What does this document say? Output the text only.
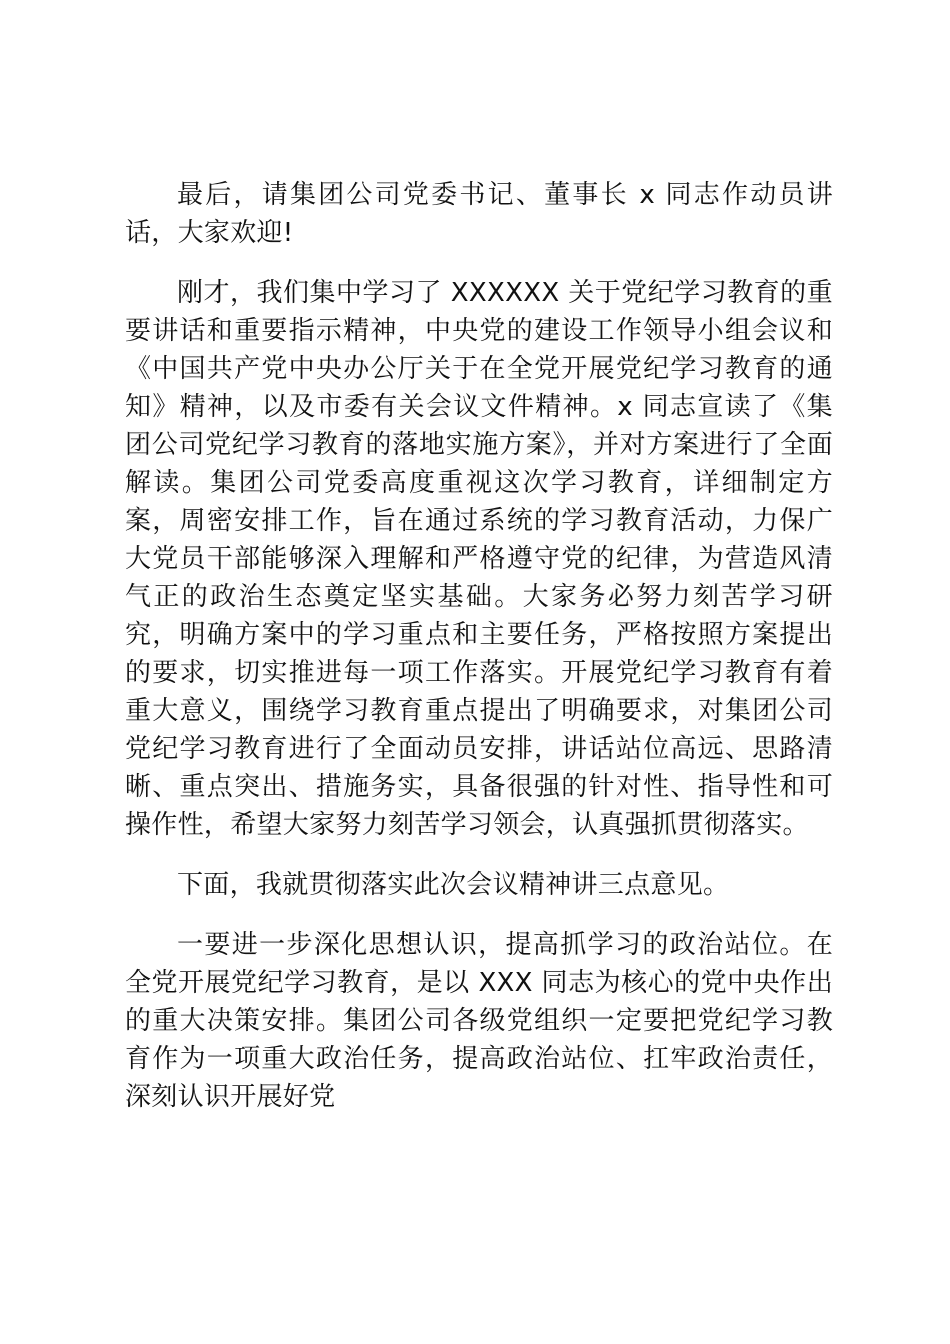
最后，请集团公司党委书记、董事长 x 同志作动员讲话，大家欢迎!

刚才，我们集中学习了 XXXXXX 关于党纪学习教育的重要讲话和重要指示精神，中央党的建设工作领导小组会议和《中国共产党中央办公厅关于在全党开展党纪学习教育的通知》精神，以及市委有关会议文件精神。x 同志宣读了《集团公司党纪学习教育的落地实施方案》，并对方案进行了全面解读。集团公司党委高度重视这次学习教育，详细制定方案，周密安排工作，旨在通过系统的学习教育活动，力保广大党员干部能够深入理解和严格遵守党的纪律，为营造风清气正的政治生态奠定坚实基础。大家务必努力刻苦学习研究，明确方案中的学习重点和主要任务，严格按照方案提出的要求，切实推进每一项工作落实。开展党纪学习教育有着重大意义，围绕学习教育重点提出了明确要求，对集团公司党纪学习教育进行了全面动员安排，讲话站位高远、思路清晰、重点突出、措施务实，具备很强的针对性、指导性和可操作性，希望大家努力刻苦学习领会，认真强抓贯彻落实。

下面，我就贯彻落实此次会议精神讲三点意见。

一要进一步深化思想认识，提高抓学习的政治站位。在全党开展党纪学习教育，是以 XXX 同志为核心的党中央作出的重大决策安排。集团公司各级党组织一定要把党纪学习教育作为一项重大政治任务，提高政治站位、扛牢政治责任，深刻认识开展好党
